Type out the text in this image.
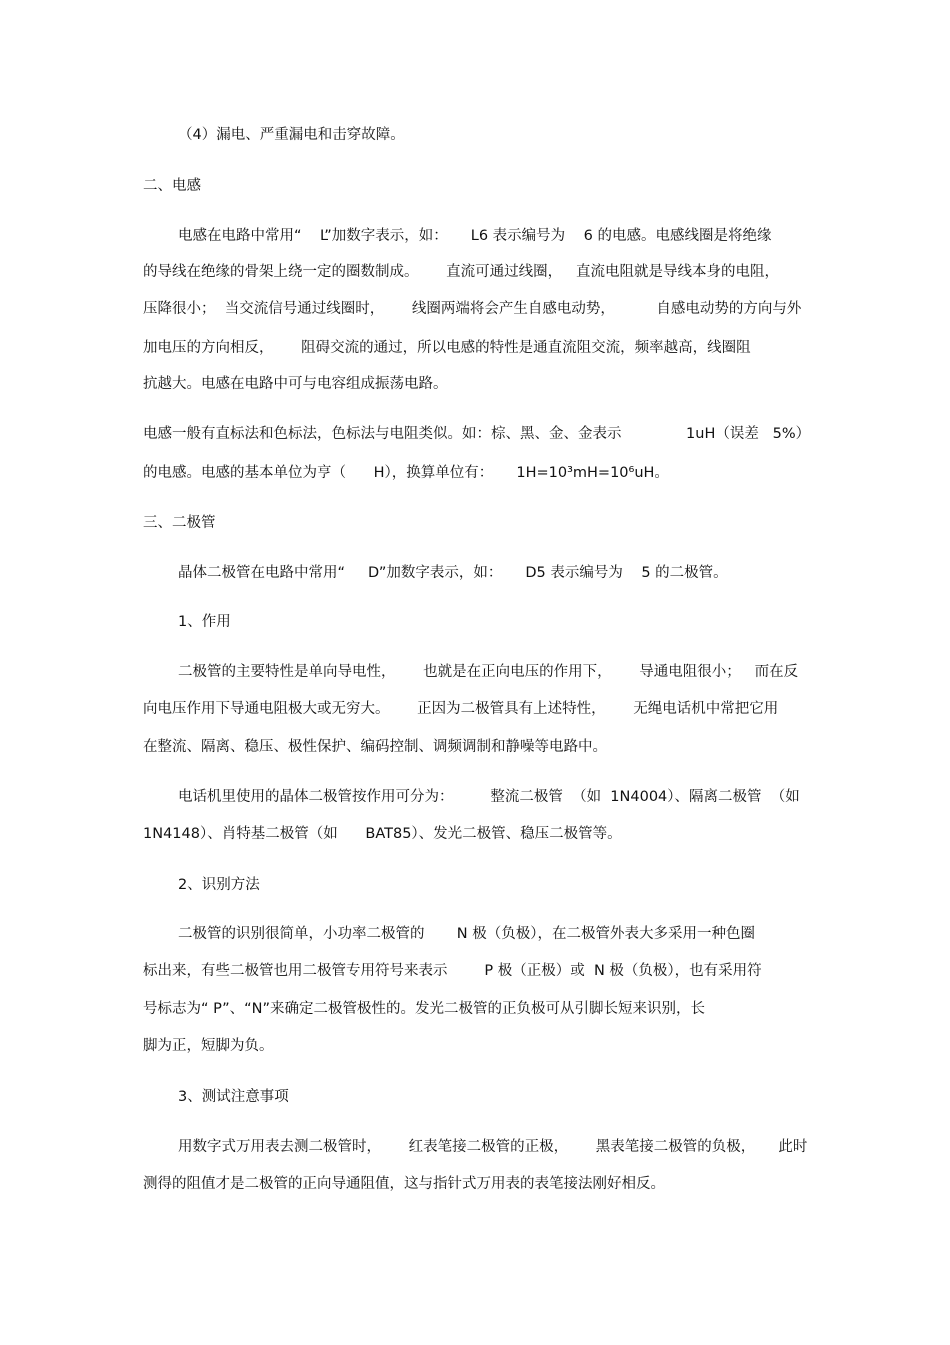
（4）漏电、严重漏电和击穿故障。
二、电感
电感在电路中常用“    L”加数字表示，如：     L6 表示编号为    6 的电感。电感线圈是将绝缘
的导线在绝缘的骨架上绕一定的圈数制成。      直流可通过线圈，   直流电阻就是导线本身的电阻，
压降很小；  当交流信号通过线圈时，      线圈两端将会产生自感电动势，         自感电动势的方向与外
加电压的方向相反，      阻碍交流的通过，所以电感的特性是通直流阻交流，频率越高，线圈阻
抗越大。电感在电路中可与电容组成振荡电路。
电感一般有直标法和色标法，色标法与电阻类似。如：棕、黑、金、金表示              1uH（误差   5%）
的电感。电感的基本单位为亨（      H），换算单位有：     1H=10³mH=10⁶uH。
三、二极管
晶体二极管在电路中常用“     D”加数字表示，如：     D5 表示编号为    5 的二极管。
1、作用
二极管的主要特性是单向导电性，      也就是在正向电压的作用下，      导通电阻很小；   而在反
向电压作用下导通电阻极大或无穷大。      正因为二极管具有上述特性，      无绳电话机中常把它用
在整流、隔离、稳压、极性保护、编码控制、调频调制和静噪等电路中。
电话机里使用的晶体二极管按作用可分为：        整流二极管  （如  1N4004）、隔离二极管  （如
1N4148）、肖特基二极管（如      BAT85）、发光二极管、稳压二极管等。
2、识别方法
二极管的识别很简单，小功率二极管的       N 极（负极），在二极管外表大多采用一种色圈
标出来，有些二极管也用二极管专用符号来表示        P 极（正极）或  N 极（负极），也有采用符
号标志为“ P”、“N”来确定二极管极性的。发光二极管的正负极可从引脚长短来识别，长
脚为正，短脚为负。
3、测试注意事项
用数字式万用表去测二极管时，      红表笔接二极管的正极，      黑表笔接二极管的负极，     此时
测得的阻值才是二极管的正向导通阻值，这与指针式万用表的表笔接法刚好相反。
